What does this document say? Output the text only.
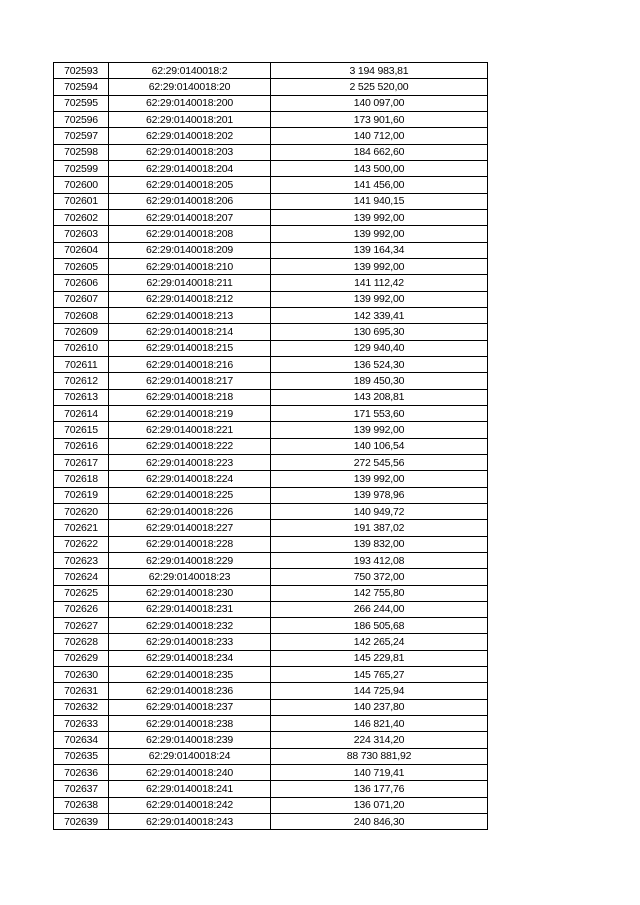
702593	62:29:0140018:2	3 194 983,81
702594	62:29:0140018:20	2 525 520,00
702595	62:29:0140018:200	140 097,00
702596	62:29:0140018:201	173 901,60
702597	62:29:0140018:202	140 712,00
702598	62:29:0140018:203	184 662,60
702599	62:29:0140018:204	143 500,00
702600	62:29:0140018:205	141 456,00
702601	62:29:0140018:206	141 940,15
702602	62:29:0140018:207	139 992,00
702603	62:29:0140018:208	139 992,00
702604	62:29:0140018:209	139 164,34
702605	62:29:0140018:210	139 992,00
702606	62:29:0140018:211	141 112,42
702607	62:29:0140018:212	139 992,00
702608	62:29:0140018:213	142 339,41
702609	62:29:0140018:214	130 695,30
702610	62:29:0140018:215	129 940,40
702611	62:29:0140018:216	136 524,30
702612	62:29:0140018:217	189 450,30
702613	62:29:0140018:218	143 208,81
702614	62:29:0140018:219	171 553,60
702615	62:29:0140018:221	139 992,00
702616	62:29:0140018:222	140 106,54
702617	62:29:0140018:223	272 545,56
702618	62:29:0140018:224	139 992,00
702619	62:29:0140018:225	139 978,96
702620	62:29:0140018:226	140 949,72
702621	62:29:0140018:227	191 387,02
702622	62:29:0140018:228	139 832,00
702623	62:29:0140018:229	193 412,08
702624	62:29:0140018:23	750 372,00
702625	62:29:0140018:230	142 755,80
702626	62:29:0140018:231	266 244,00
702627	62:29:0140018:232	186 505,68
702628	62:29:0140018:233	142 265,24
702629	62:29:0140018:234	145 229,81
702630	62:29:0140018:235	145 765,27
702631	62:29:0140018:236	144 725,94
702632	62:29:0140018:237	140 237,80
702633	62:29:0140018:238	146 821,40
702634	62:29:0140018:239	224 314,20
702635	62:29:0140018:24	88 730 881,92
702636	62:29:0140018:240	140 719,41
702637	62:29:0140018:241	136 177,76
702638	62:29:0140018:242	136 071,20
702639	62:29:0140018:243	240 846,30
